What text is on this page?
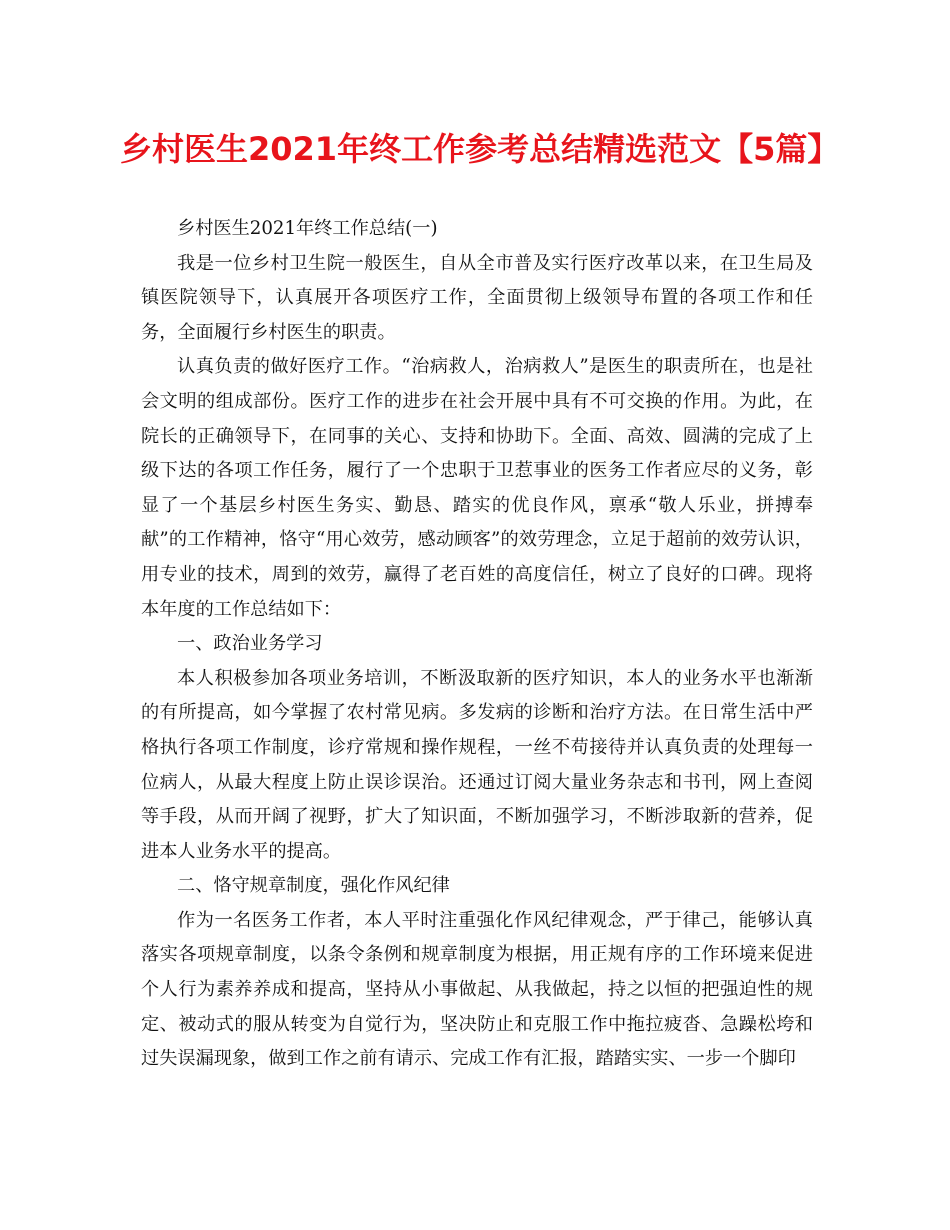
乡村医生2021年终工作参考总结精选范文【5篇】

乡村医生2021年终工作总结(一)

我是一位乡村卫生院一般医生，自从全市普及实行医疗改革以来，在卫生局及镇医院领导下，认真展开各项医疗工作，全面贯彻上级领导布置的各项工作和任务，全面履行乡村医生的职责。

认真负责的做好医疗工作。“治病救人，治病救人”是医生的职责所在，也是社会文明的组成部份。医疗工作的进步在社会开展中具有不可交换的作用。为此，在院长的正确领导下，在同事的关心、支持和协助下。全面、高效、圆满的完成了上级下达的各项工作任务，履行了一个忠职于卫惹事业的医务工作者应尽的义务，彰显了一个基层乡村医生务实、勤恳、踏实的优良作风，禀承“敬人乐业，拼搏奉献”的工作精神，恪守“用心效劳，感动顾客”的效劳理念，立足于超前的效劳认识，用专业的技术，周到的效劳，赢得了老百姓的高度信任，树立了良好的口碑。现将本年度的工作总结如下：

一、政治业务学习

本人积极参加各项业务培训，不断汲取新的医疗知识，本人的业务水平也渐渐的有所提高，如今掌握了农村常见病。多发病的诊断和治疗方法。在日常生活中严格执行各项工作制度，诊疗常规和操作规程，一丝不苟接待并认真负责的处理每一位病人，从最大程度上防止误诊误治。还通过订阅大量业务杂志和书刊，网上查阅等手段，从而开阔了视野，扩大了知识面，不断加强学习，不断涉取新的营养，促进本人业务水平的提高。

二、恪守规章制度，强化作风纪律

作为一名医务工作者，本人平时注重强化作风纪律观念，严于律己，能够认真落实各项规章制度，以条令条例和规章制度为根据，用正规有序的工作环境来促进个人行为素养养成和提高，坚持从小事做起、从我做起，持之以恒的把强迫性的规定、被动式的服从转变为自觉行为，坚决防止和克服工作中拖拉疲沓、急躁松垮和过失误漏现象，做到工作之前有请示、完成工作有汇报，踏踏实实、一步一个脚印
